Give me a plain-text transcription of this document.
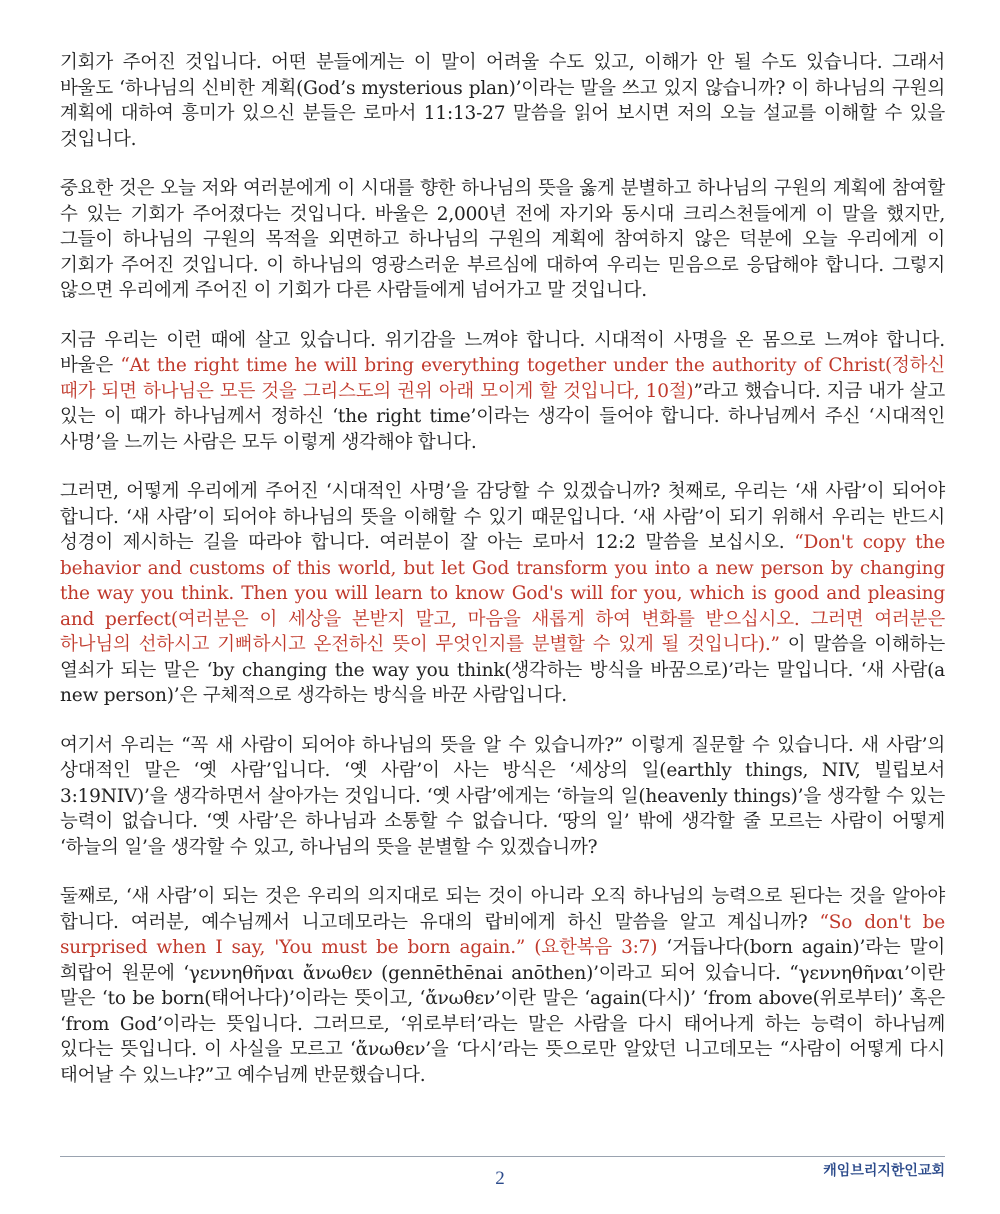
기회가 주어진 것입니다. 어떤 분들에게는 이 말이 어려울 수도 있고, 이해가 안 될 수도 있습니다. 그래서 바울도 ‘하나님의 신비한 계획(God’s mysterious plan)’이라는 말을 쓰고 있지 않습니까? 이 하나님의 구원의 계획에 대하여 흥미가 있으신 분들은 로마서 11:13-27 말씀을 읽어 보시면 저의 오늘 설교를 이해할 수 있을 것입니다.

중요한 것은 오늘 저와 여러분에게 이 시대를 향한 하나님의 뜻을 옳게 분별하고 하나님의 구원의 계획에 참여할 수 있는 기회가 주어졌다는 것입니다. 바울은 2,000년 전에 자기와 동시대 크리스천들에게 이 말을 했지만, 그들이 하나님의 구원의 목적을 외면하고 하나님의 구원의 계획에 참여하지 않은 덕분에 오늘 우리에게 이 기회가 주어진 것입니다. 이 하나님의 영광스러운 부르심에 대하여 우리는 믿음으로 응답해야 합니다. 그렇지 않으면 우리에게 주어진 이 기회가 다른 사람들에게 넘어가고 말 것입니다.

지금 우리는 이런 때에 살고 있습니다. 위기감을 느껴야 합니다. 시대적이 사명을 온 몸으로 느껴야 합니다. 바울은 “At the right time he will bring everything together under the authority of Christ(정하신 때가 되면 하나님은 모든 것을 그리스도의 권위 아래 모이게 할 것입니다, 10절)”라고 했습니다. 지금 내가 살고 있는 이 때가 하나님께서 정하신 ‘the right time’이라는 생각이 들어야 합니다. 하나님께서 주신 ‘시대적인 사명’을 느끼는 사람은 모두 이렇게 생각해야 합니다.

그러면, 어떻게 우리에게 주어진 ‘시대적인 사명’을 감당할 수 있겠습니까? 첫째로, 우리는 ‘새 사람’이 되어야 합니다. ‘새 사람’이 되어야 하나님의 뜻을 이해할 수 있기 때문입니다. ‘새 사람’이 되기 위해서 우리는 반드시 성경이 제시하는 길을 따라야 합니다. 여러분이 잘 아는 로마서 12:2 말씀을 보십시오. “Don't copy the behavior and customs of this world, but let God transform you into a new person by changing the way you think. Then you will learn to know God's will for you, which is good and pleasing and perfect(여러분은 이 세상을 본받지 말고, 마음을 새롭게 하여 변화를 받으십시오. 그러면 여러분은 하나님의 선하시고 기뻐하시고 온전하신 뜻이 무엇인지를 분별할 수 있게 될 것입니다).” 이 말씀을 이해하는 열쇠가 되는 말은 ‘by changing the way you think(생각하는 방식을 바꿈으로)’라는 말입니다. ‘새 사람(a new person)’은 구체적으로 생각하는 방식을 바꾼 사람입니다.

여기서 우리는 “꼭 새 사람이 되어야 하나님의 뜻을 알 수 있습니까?” 이렇게 질문할 수 있습니다. 새 사람’의 상대적인 말은 ‘옛 사람’입니다. ‘옛 사람’이 사는 방식은 ‘세상의 일(earthly things, NIV, 빌립보서 3:19NIV)’을 생각하면서 살아가는 것입니다. ‘옛 사람’에게는 ‘하늘의 일(heavenly things)’을 생각할 수 있는 능력이 없습니다. ‘옛 사람’은 하나님과 소통할 수 없습니다. ‘땅의 일’ 밖에 생각할 줄 모르는 사람이 어떻게 ‘하늘의 일’을 생각할 수 있고, 하나님의 뜻을 분별할 수 있겠습니까?

둘째로, ‘새 사람’이 되는 것은 우리의 의지대로 되는 것이 아니라 오직 하나님의 능력으로 된다는 것을 알아야 합니다. 여러분, 예수님께서 니고데모라는 유대의 랍비에게 하신 말씀을 알고 계십니까? “So don't be surprised when I say, 'You must be born again.” (요한복음 3:7) ‘거듭나다(born again)’라는 말이 희랍어 원문에 ‘γεννηθῆναι ἄνωθεν (gennēthēnai anōthen)’이라고 되어 있습니다. “γεννηθῆναι’이란 말은 ‘to be born(태어나다)’이라는 뜻이고, ‘ἄνωθεν’이란 말은 ‘again(다시)’ ‘from above(위로부터)’ 혹은 ‘from God’이라는 뜻입니다. 그러므로, ‘위로부터’라는 말은 사람을 다시 태어나게 하는 능력이 하나님께 있다는 뜻입니다. 이 사실을 모르고 ‘ἄνωθεν’을 ‘다시’라는 뜻으로만 알았던 니고데모는 “사람이 어떻게 다시 태어날 수 있느냐?”고 예수님께 반문했습니다.

2	캐임브리지한인교회
